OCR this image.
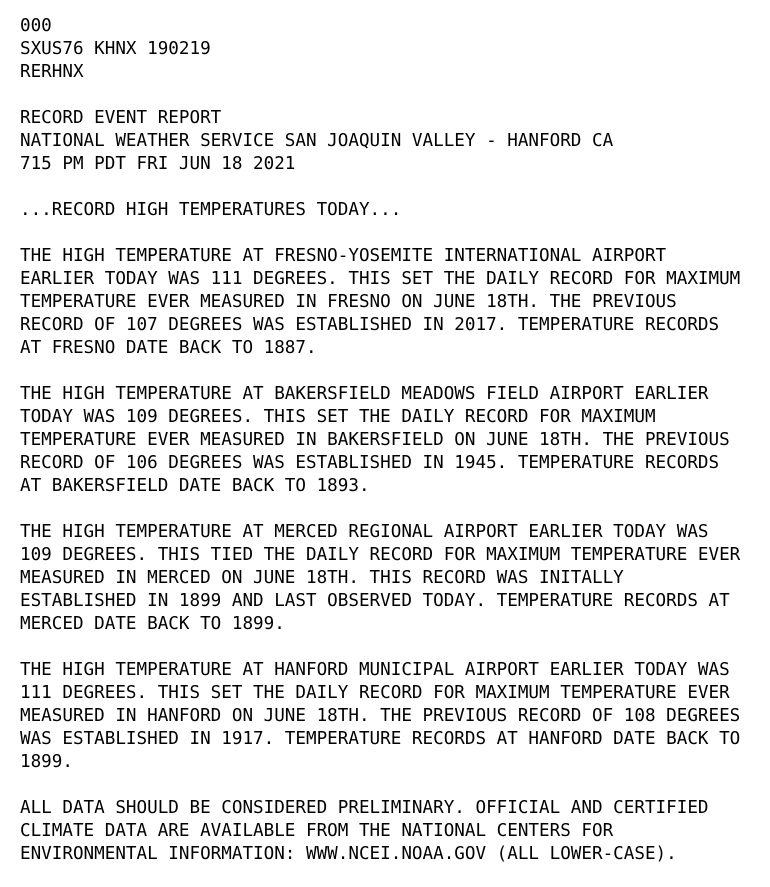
000
SXUS76 KHNX 190219
RERHNX
RECORD EVENT REPORT
NATIONAL WEATHER SERVICE SAN JOAQUIN VALLEY - HANFORD CA
715 PM PDT FRI JUN 18 2021
...RECORD HIGH TEMPERATURES TODAY...
THE HIGH TEMPERATURE AT FRESNO-YOSEMITE INTERNATIONAL AIRPORT
EARLIER TODAY WAS 111 DEGREES. THIS SET THE DAILY RECORD FOR MAXIMUM
TEMPERATURE EVER MEASURED IN FRESNO ON JUNE 18TH. THE PREVIOUS
RECORD OF 107 DEGREES WAS ESTABLISHED IN 2017. TEMPERATURE RECORDS
AT FRESNO DATE BACK TO 1887.
THE HIGH TEMPERATURE AT BAKERSFIELD MEADOWS FIELD AIRPORT EARLIER
TODAY WAS 109 DEGREES. THIS SET THE DAILY RECORD FOR MAXIMUM
TEMPERATURE EVER MEASURED IN BAKERSFIELD ON JUNE 18TH. THE PREVIOUS
RECORD OF 106 DEGREES WAS ESTABLISHED IN 1945. TEMPERATURE RECORDS
AT BAKERSFIELD DATE BACK TO 1893.
THE HIGH TEMPERATURE AT MERCED REGIONAL AIRPORT EARLIER TODAY WAS
109 DEGREES. THIS TIED THE DAILY RECORD FOR MAXIMUM TEMPERATURE EVER
MEASURED IN MERCED ON JUNE 18TH. THIS RECORD WAS INITALLY
ESTABLISHED IN 1899 AND LAST OBSERVED TODAY. TEMPERATURE RECORDS AT
MERCED DATE BACK TO 1899.
THE HIGH TEMPERATURE AT HANFORD MUNICIPAL AIRPORT EARLIER TODAY WAS
111 DEGREES. THIS SET THE DAILY RECORD FOR MAXIMUM TEMPERATURE EVER
MEASURED IN HANFORD ON JUNE 18TH. THE PREVIOUS RECORD OF 108 DEGREES
WAS ESTABLISHED IN 1917. TEMPERATURE RECORDS AT HANFORD DATE BACK TO
1899.
ALL DATA SHOULD BE CONSIDERED PRELIMINARY. OFFICIAL AND CERTIFIED
CLIMATE DATA ARE AVAILABLE FROM THE NATIONAL CENTERS FOR
ENVIRONMENTAL INFORMATION: WWW.NCEI.NOAA.GOV (ALL LOWER-CASE).
